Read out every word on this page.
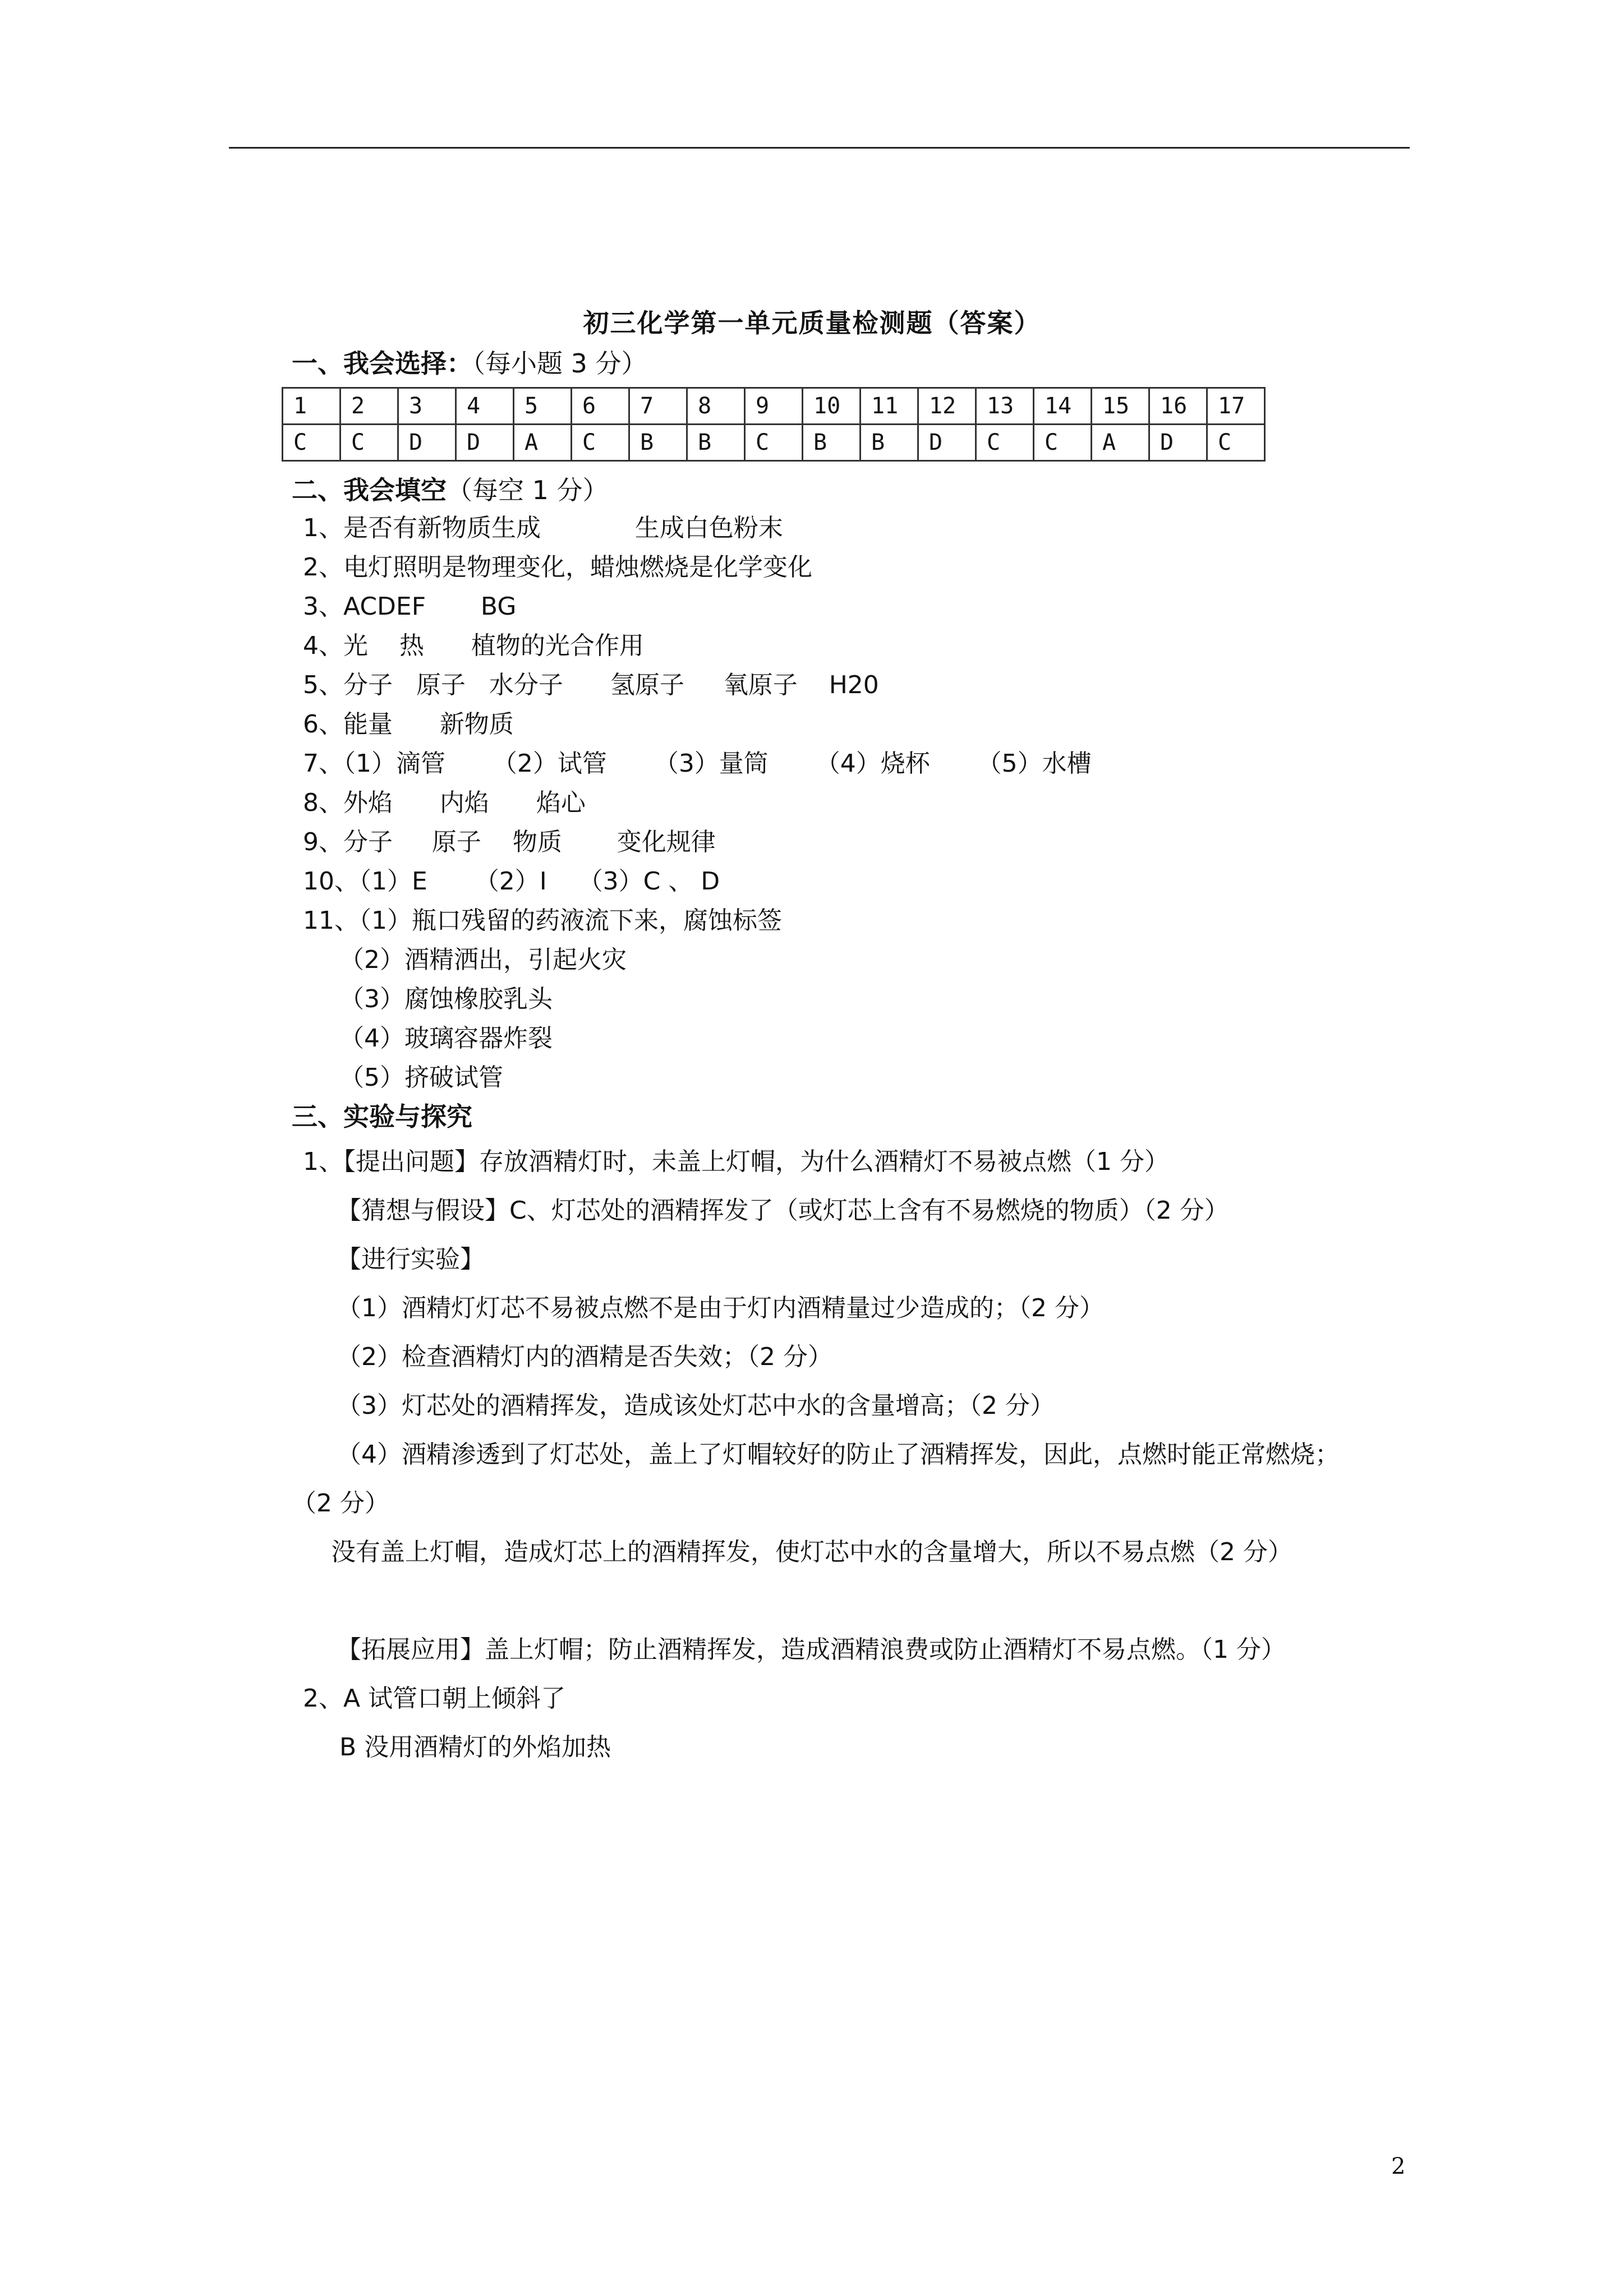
初三化学第一单元质量检测题（答案）
一、我会选择：（每小题 3 分）
1	2	3	4	5	6	7	8	9	10	11	12	13	14	15	16	17
C	C	D	D	A	C	B	B	C	B	B	D	C	C	A	D	C
二、我会填空（每空 1 分）
1、是否有新物质生成            生成白色粉末
2、电灯照明是物理变化，蜡烛燃烧是化学变化
3、ACDEF       BG
4、光    热      植物的光合作用
5、分子   原子   水分子      氢原子     氧原子    H20
6、能量      新物质
7、（1）滴管      （2）试管      （3）量筒      （4）烧杯      （5）水槽
8、外焰      内焰      焰心
9、分子     原子    物质       变化规律
10、（1）E      （2）I    （3）C 、 D
11、（1）瓶口残留的药液流下来，腐蚀标签
（2）酒精洒出，引起火灾
（3）腐蚀橡胶乳头
（4）玻璃容器炸裂
（5）挤破试管
三、实验与探究
1、【提出问题】存放酒精灯时，未盖上灯帽，为什么酒精灯不易被点燃（1 分）
【猜想与假设】C、灯芯处的酒精挥发了（或灯芯上含有不易燃烧的物质）（2 分）
【进行实验】
（1）酒精灯灯芯不易被点燃不是由于灯内酒精量过少造成的；（2 分）
（2）检查酒精灯内的酒精是否失效；（2 分）
（3）灯芯处的酒精挥发，造成该处灯芯中水的含量增高；（2 分）
（4）酒精渗透到了灯芯处，盖上了灯帽较好的防止了酒精挥发，因此，点燃时能正常燃烧；
（2 分）
没有盖上灯帽，造成灯芯上的酒精挥发，使灯芯中水的含量增大，所以不易点燃（2 分）
【拓展应用】盖上灯帽；防止酒精挥发，造成酒精浪费或防止酒精灯不易点燃。（1 分）
2、A 试管口朝上倾斜了
B 没用酒精灯的外焰加热
2
